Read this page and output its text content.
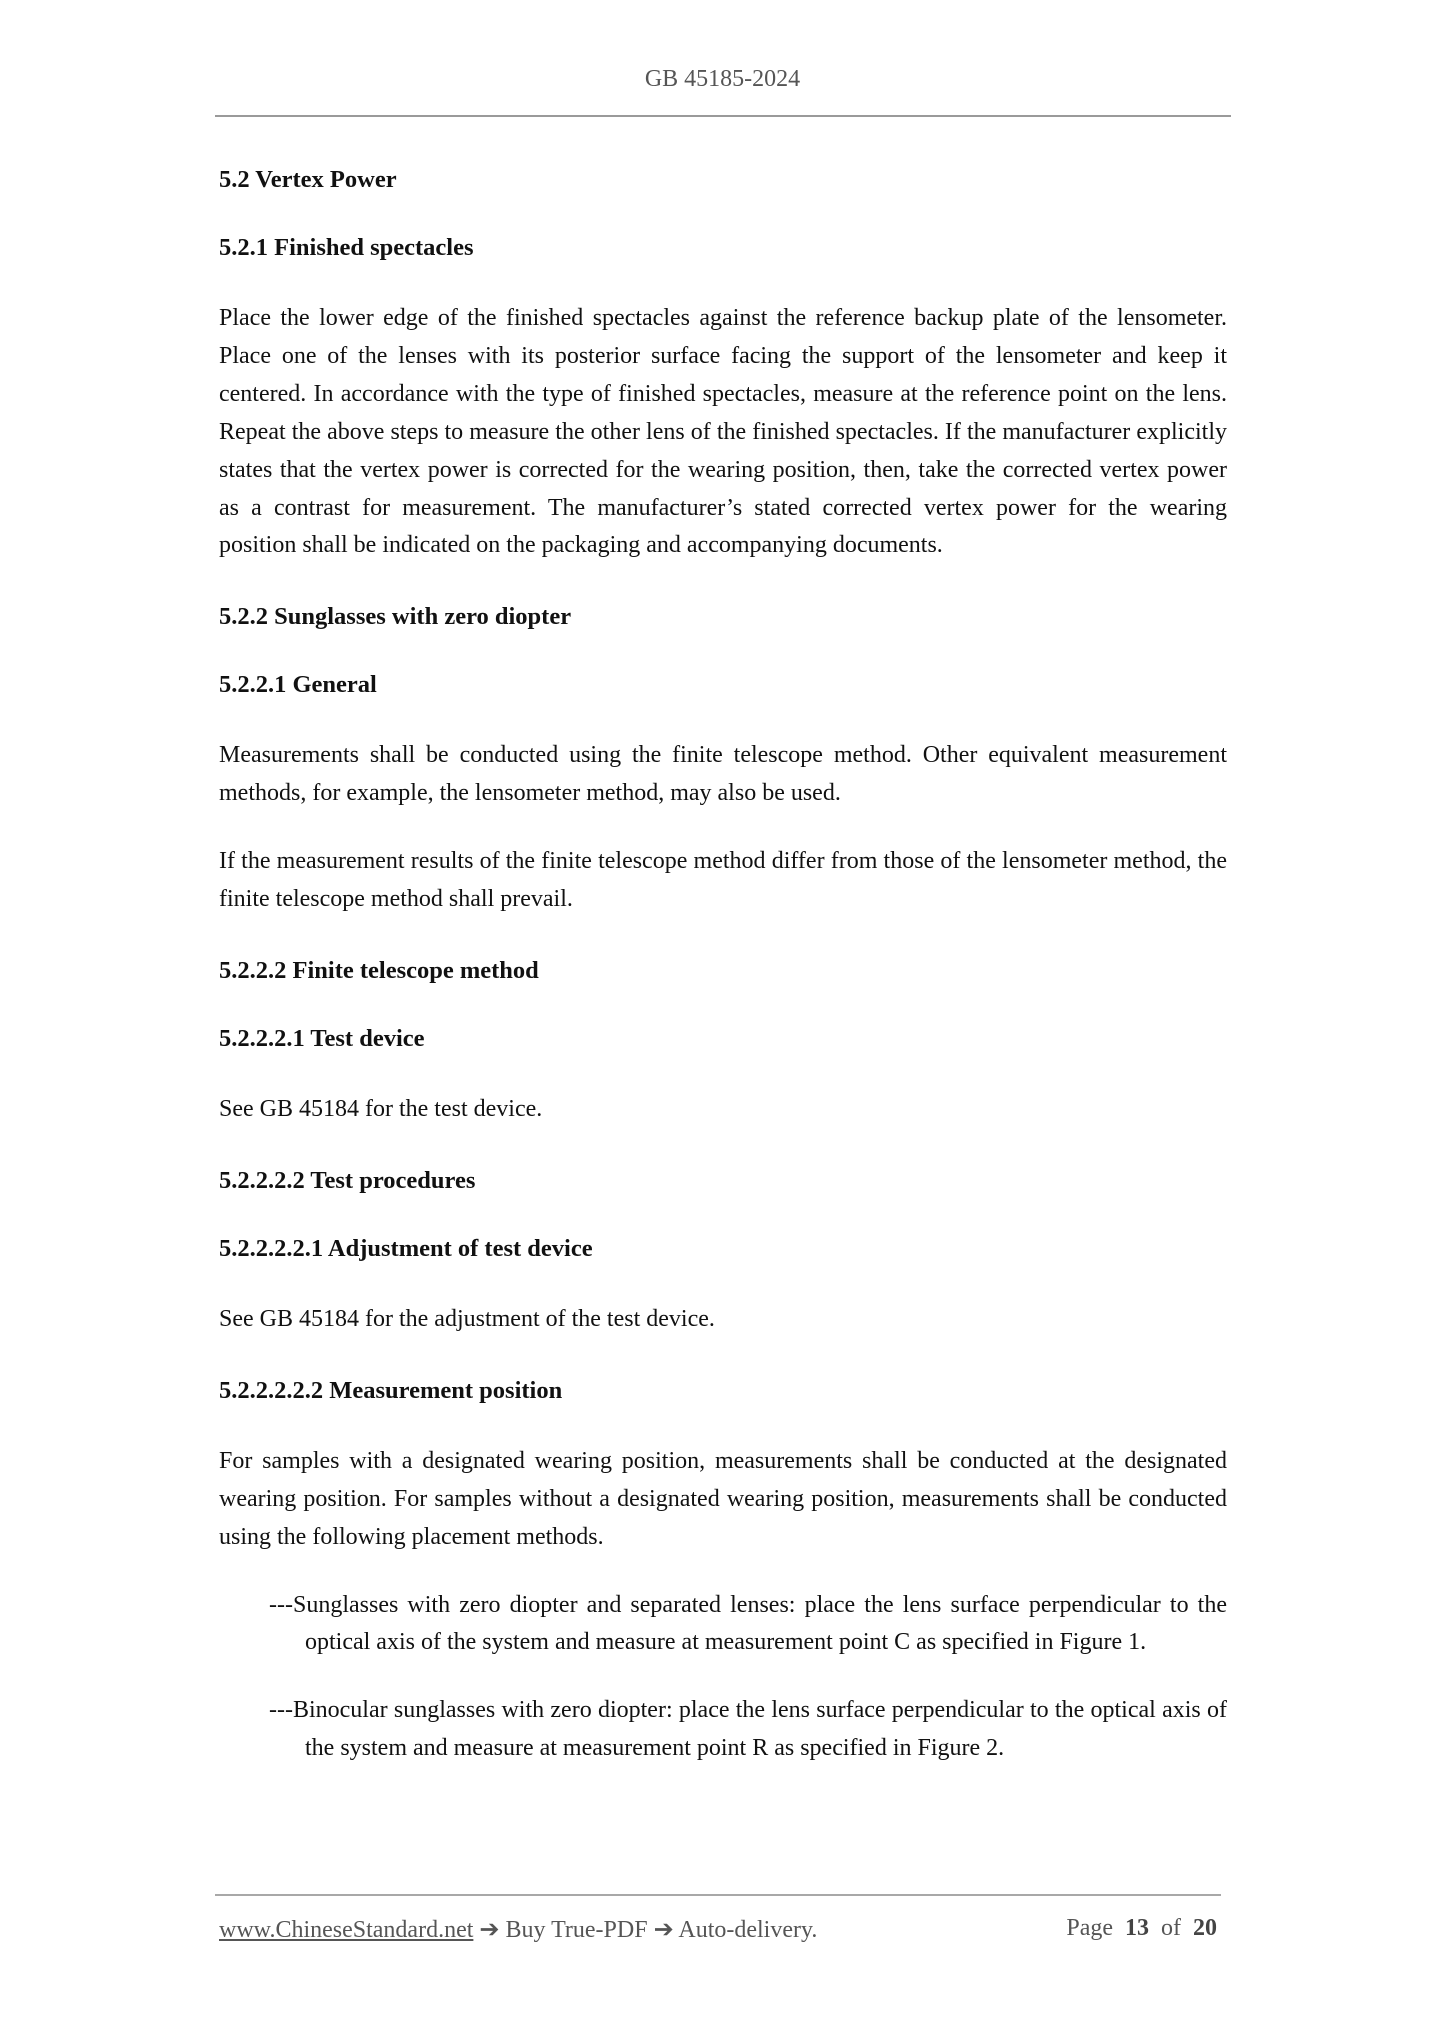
GB 45185-2024
5.2 Vertex Power
5.2.1 Finished spectacles

Place the lower edge of the finished spectacles against the reference backup plate of the lensometer. Place one of the lenses with its posterior surface facing the support of the lensometer and keep it centered. In accordance with the type of finished spectacles, measure at the reference point on the lens. Repeat the above steps to measure the other lens of the finished spectacles. If the manufacturer explicitly states that the vertex power is corrected for the wearing position, then, take the corrected vertex power as a contrast for measurement. The manufacturer’s stated corrected vertex power for the wearing position shall be indicated on the packaging and accompanying documents.

5.2.2 Sunglasses with zero diopter
5.2.2.1 General

Measurements shall be conducted using the finite telescope method. Other equivalent measurement methods, for example, the lensometer method, may also be used.

If the measurement results of the finite telescope method differ from those of the lensometer method, the finite telescope method shall prevail.

5.2.2.2 Finite telescope method
5.2.2.2.1 Test device

See GB 45184 for the test device.

5.2.2.2.2 Test procedures
5.2.2.2.2.1 Adjustment of test device

See GB 45184 for the adjustment of the test device.

5.2.2.2.2.2 Measurement position

For samples with a designated wearing position, measurements shall be conducted at the designated wearing position. For samples without a designated wearing position, measurements shall be conducted using the following placement methods.

---Sunglasses with zero diopter and separated lenses: place the lens surface perpendicular to the optical axis of the system and measure at measurement point C as specified in Figure 1.

---Binocular sunglasses with zero diopter: place the lens surface perpendicular to the optical axis of the system and measure at measurement point R as specified in Figure 2.

www.ChineseStandard.net ➔ Buy True-PDF ➔ Auto-delivery.	Page 13 of 20
